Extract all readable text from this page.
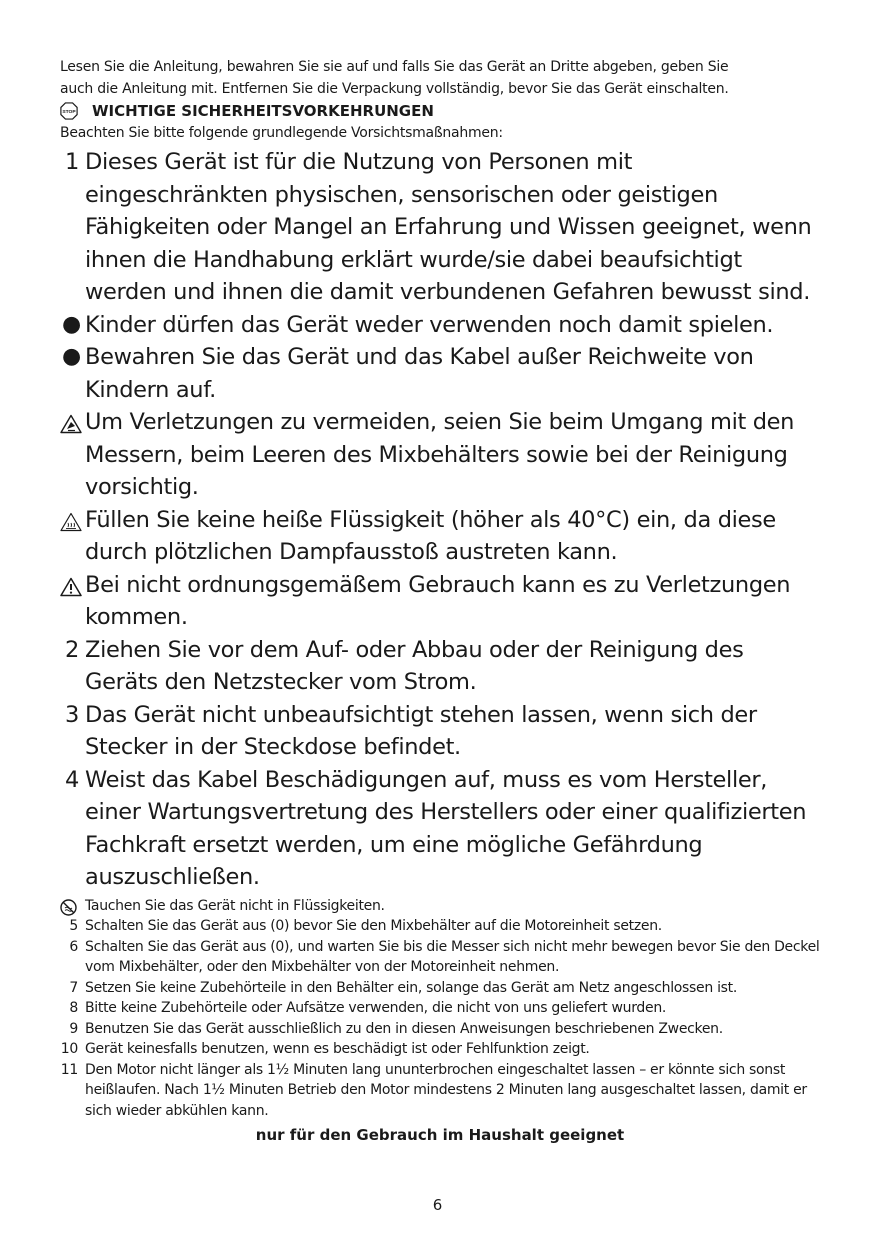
Lesen Sie die Anleitung, bewahren Sie sie auf und falls Sie das Gerät an Dritte abgeben, geben Sie

auch die Anleitung mit. Entfernen Sie die Verpackung vollständig, bevor Sie das Gerät einschalten.

STOP WICHTIGE SICHERHEITSVORKEHRUNGEN
Beachten Sie bitte folgende grundlegende Vorsichtsmaßnahmen:
1 Dieses Gerät ist für die Nutzung von Personen mit eingeschränkten physischen, sensorischen oder geistigen Fähigkeiten oder Mangel an Erfahrung und Wissen geeignet, wenn ihnen die Handhabung erklärt wurde/sie dabei beaufsichtigt werden und ihnen die damit verbundenen Gefahren bewusst sind.
● Kinder dürfen das Gerät weder verwenden noch damit spielen.
● Bewahren Sie das Gerät und das Kabel außer Reichweite von Kindern auf.
Um Verletzungen zu vermeiden, seien Sie beim Umgang mit den Messern, beim Leeren des Mixbehälters sowie bei der Reinigung vorsichtig.
Füllen Sie keine heiße Flüssigkeit (höher als 40°C) ein, da diese durch plötzlichen Dampfausstoß austreten kann.
Bei nicht ordnungsgemäßem Gebrauch kann es zu Verletzungen kommen.
2 Ziehen Sie vor dem Auf- oder Abbau oder der Reinigung des Geräts den Netzstecker vom Strom.
3 Das Gerät nicht unbeaufsichtigt stehen lassen, wenn sich der Stecker in der Steckdose befindet.
4 Weist das Kabel Beschädigungen auf, muss es vom Hersteller, einer Wartungsvertretung des Herstellers oder einer qualifizierten Fachkraft ersetzt werden, um eine mögliche Gefährdung auszuschließen.
Tauchen Sie das Gerät nicht in Flüssigkeiten.
5 Schalten Sie das Gerät aus (0) bevor Sie den Mixbehälter auf die Motoreinheit setzen.
6 Schalten Sie das Gerät aus (0), und warten Sie bis die Messer sich nicht mehr bewegen bevor Sie den Deckel vom Mixbehälter, oder den Mixbehälter von der Motoreinheit nehmen.
7 Setzen Sie keine Zubehörteile in den Behälter ein, solange das Gerät am Netz angeschlossen ist.
8 Bitte keine Zubehörteile oder Aufsätze verwenden, die nicht von uns geliefert wurden.
9 Benutzen Sie das Gerät ausschließlich zu den in diesen Anweisungen beschriebenen Zwecken.
10 Gerät keinesfalls benutzen, wenn es beschädigt ist oder Fehlfunktion zeigt.
11 Den Motor nicht länger als 1½ Minuten lang ununterbrochen eingeschaltet lassen – er könnte sich sonst heißlaufen. Nach 1½ Minuten Betrieb den Motor mindestens 2 Minuten lang ausgeschaltet lassen, damit er sich wieder abkühlen kann.
nur für den Gebrauch im Haushalt geeignet
6
